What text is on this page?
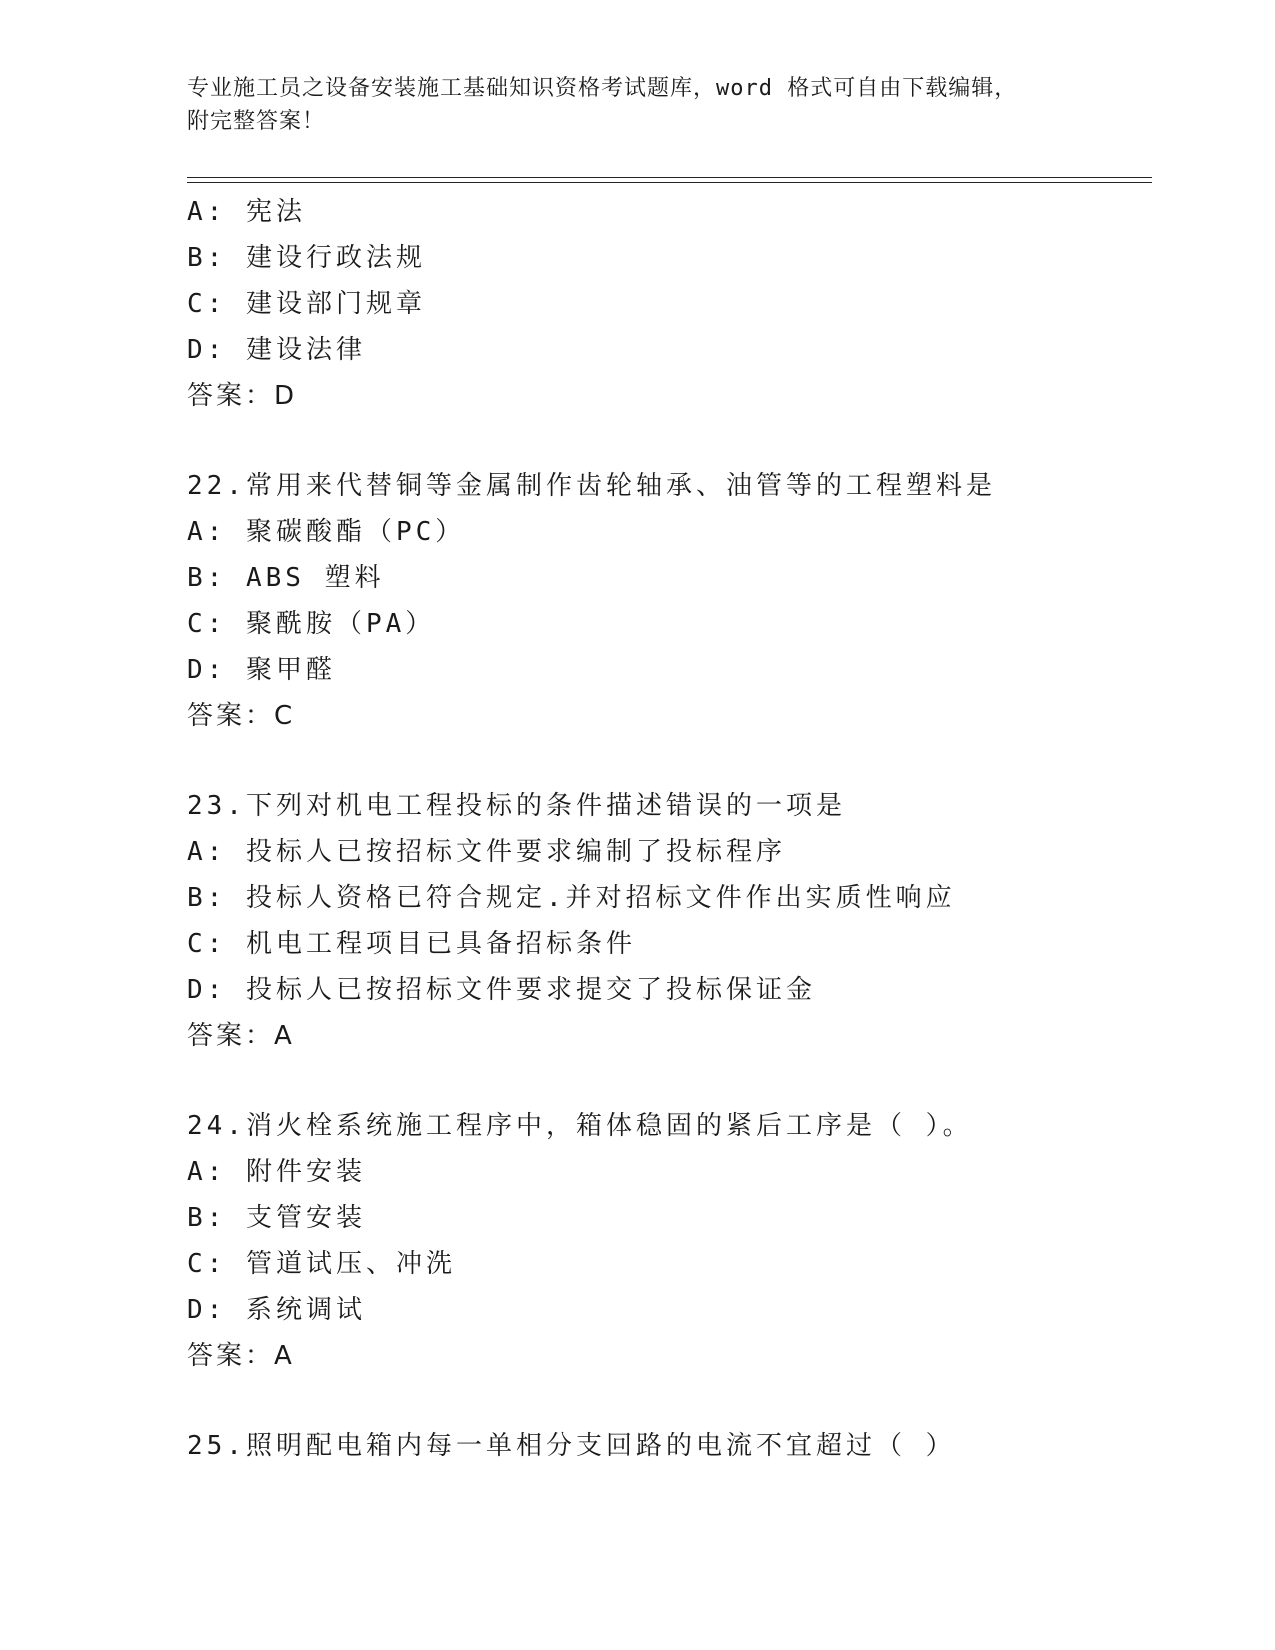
专业施工员之设备安装施工基础知识资格考试题库，word 格式可自由下载编辑，
附完整答案！
A: 宪法
B: 建设行政法规
C: 建设部门规章
D: 建设法律
答案：D
22.常用来代替铜等金属制作齿轮轴承、油管等的工程塑料是
A: 聚碳酸酯（PC）
B: ABS 塑料
C: 聚酰胺（PA）
D: 聚甲醛
答案：C
23.下列对机电工程投标的条件描述错误的一项是
A: 投标人已按招标文件要求编制了投标程序
B: 投标人资格已符合规定.并对招标文件作出实质性响应
C: 机电工程项目已具备招标条件
D: 投标人已按招标文件要求提交了投标保证金
答案：A
24.消火栓系统施工程序中，箱体稳固的紧后工序是（ ）。
A: 附件安装
B: 支管安装
C: 管道试压、冲洗
D: 系统调试
答案：A
25.照明配电箱内每一单相分支回路的电流不宜超过（ ）
